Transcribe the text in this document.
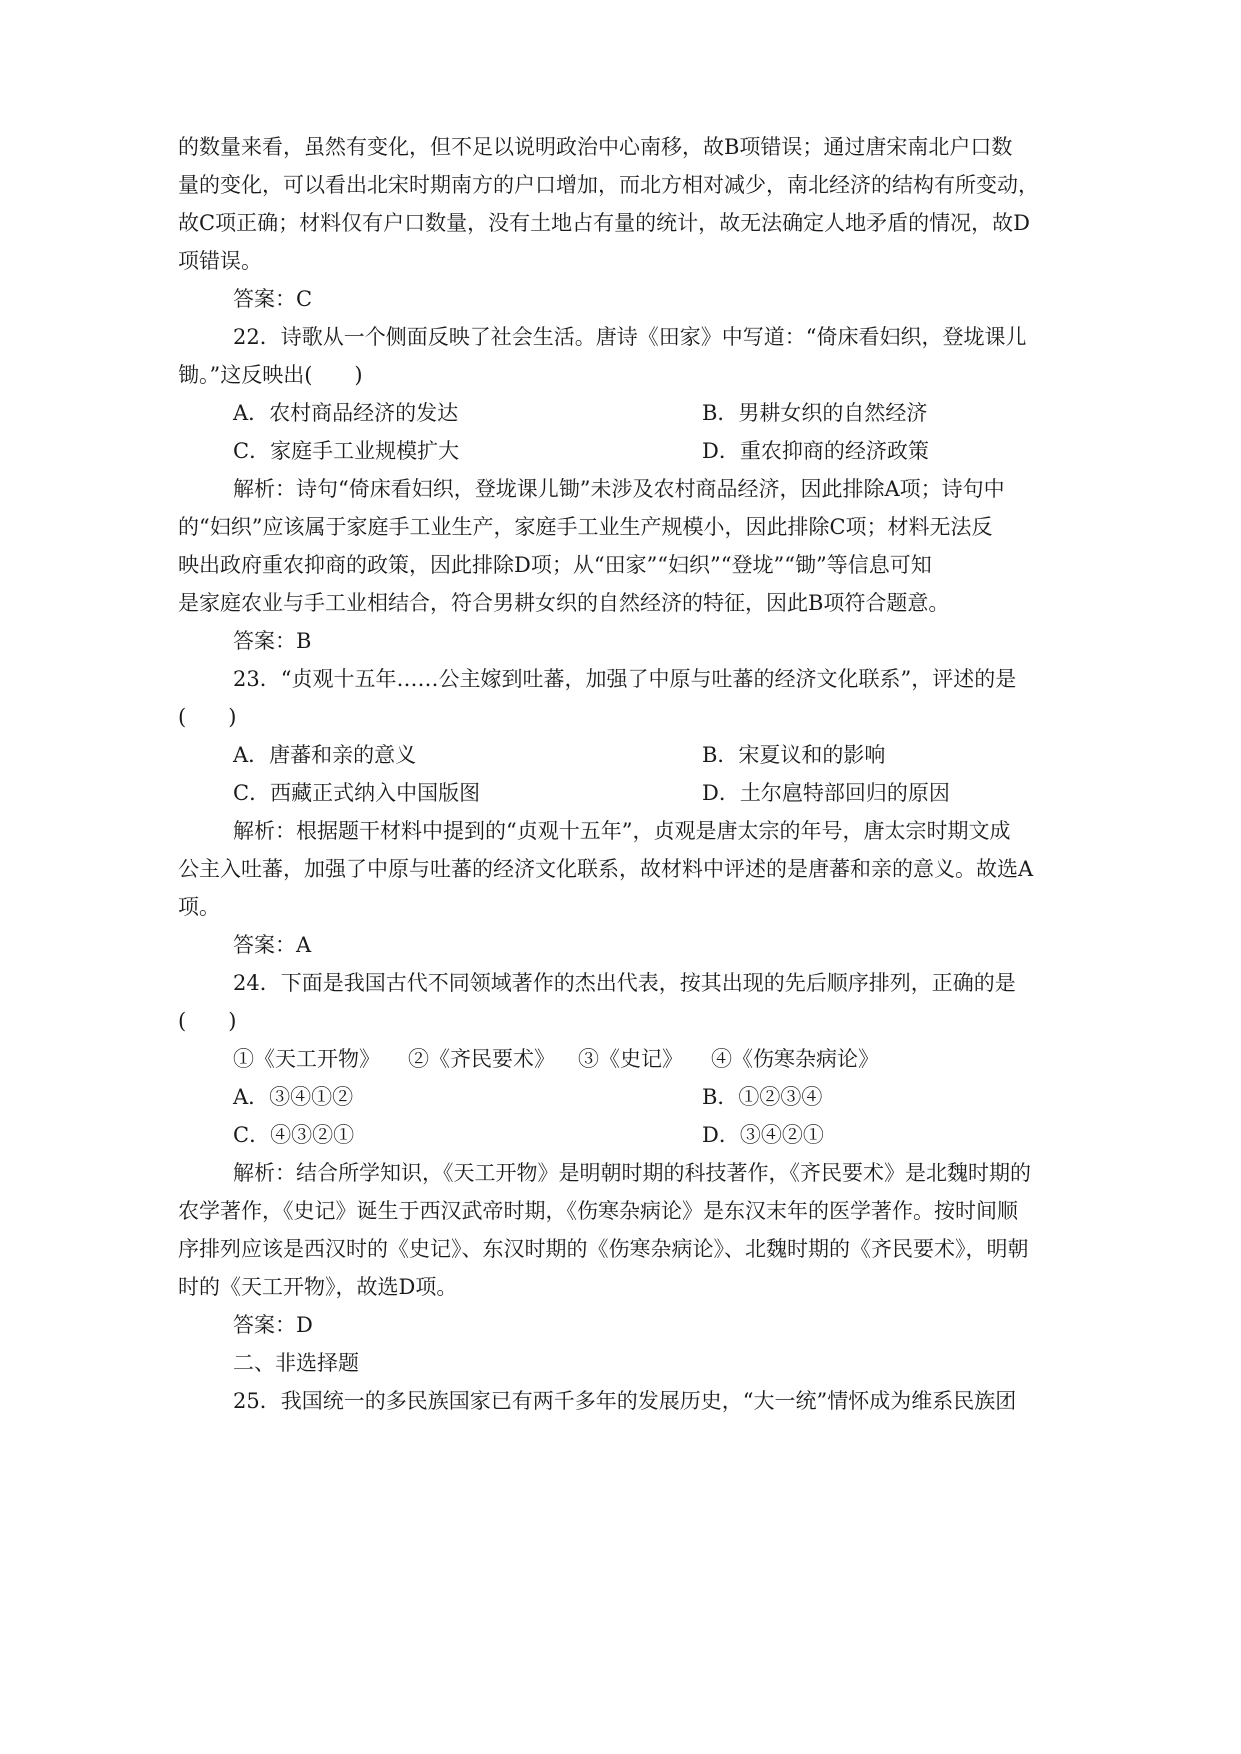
的数量来看，虽然有变化，但不足以说明政治中心南移，故B项错误；通过唐宋南北户口数
量的变化，可以看出北宋时期南方的户口增加，而北方相对减少，南北经济的结构有所变动，
故C项正确；材料仅有户口数量，没有土地占有量的统计，故无法确定人地矛盾的情况，故D
项错误。
答案：C
22．诗歌从一个侧面反映了社会生活。唐诗《田家》中写道：“倚床看妇织，登垅课儿
锄。”这反映出(　　)
A．农村商品经济的发达	B．男耕女织的自然经济
C．家庭手工业规模扩大	D．重农抑商的经济政策
解析：诗句“倚床看妇织，登垅课儿锄”未涉及农村商品经济，因此排除A项；诗句中
的“妇织”应该属于家庭手工业生产，家庭手工业生产规模小，因此排除C项；材料无法反
映出政府重农抑商的政策，因此排除D项；从“田家”“妇织”“登垅”“锄”等信息可知
是家庭农业与手工业相结合，符合男耕女织的自然经济的特征，因此B项符合题意。
答案：B
23．“贞观十五年……公主嫁到吐蕃，加强了中原与吐蕃的经济文化联系”，评述的是
(　　)
A．唐蕃和亲的意义	B．宋夏议和的影响
C．西藏正式纳入中国版图	D．土尔扈特部回归的原因
解析：根据题干材料中提到的“贞观十五年”，贞观是唐太宗的年号，唐太宗时期文成
公主入吐蕃，加强了中原与吐蕃的经济文化联系，故材料中评述的是唐蕃和亲的意义。故选A
项。
答案：A
24．下面是我国古代不同领域著作的杰出代表，按其出现的先后顺序排列，正确的是
(　　)
①《天工开物》 ②《齐民要术》 ③《史记》 ④《伤寒杂病论》
A．③④①②	B．①②③④
C．④③②①	D．③④②①
解析：结合所学知识，《天工开物》是明朝时期的科技著作，《齐民要术》是北魏时期的
农学著作，《史记》诞生于西汉武帝时期，《伤寒杂病论》是东汉末年的医学著作。按时间顺
序排列应该是西汉时的《史记》、东汉时期的《伤寒杂病论》、北魏时期的《齐民要术》，明朝
时的《天工开物》，故选D项。
答案：D
二、非选择题
25．我国统一的多民族国家已有两千多年的发展历史，“大一统”情怀成为维系民族团
